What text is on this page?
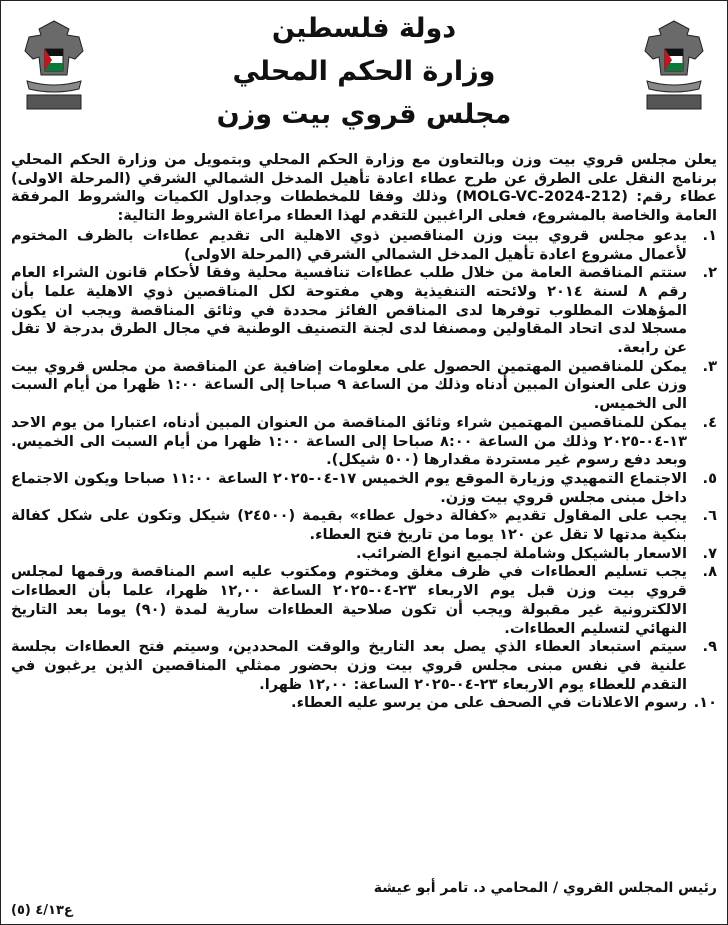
دولة فلسطين
وزارة الحكم المحلي
مجلس قروي بيت وزن

يعلن مجلس قروي بيت وزن وبالتعاون مع وزارة الحكم المحلي وبتمويل من وزارة الحكم المحلي برنامج النقل على الطرق عن طرح عطاء اعادة تأهيل المدخل الشمالي الشرقي (المرحلة الاولى) عطاء رقم: (MOLG-VC-2024-212) وذلك وفقا للمخططات وجداول الكميات والشروط المرفقة العامة والخاصة بالمشروع، فعلى الراغبين للتقدم لهذا العطاء مراعاة الشروط التالية:

١.
يدعو مجلس قروي بيت وزن المناقصين ذوي الاهلية الى تقديم عطاءات بالظرف المختوم لأعمال مشروع اعادة تأهيل المدخل الشمالي الشرقي (المرحلة الاولى)
٢.
ستتم المناقصة العامة من خلال طلب عطاءات تنافسية محلية وفقا لأحكام قانون الشراء العام رقم ٨ لسنة ٢٠١٤ ولائحته التنفيذية وهي مفتوحة لكل المناقصين ذوي الاهلية علما بأن المؤهلات المطلوب توفرها لدى المناقص الفائز محددة في وثائق المناقصة ويجب ان يكون مسجلا لدى اتحاد المقاولين ومصنفا لدى لجنة التصنيف الوطنية في مجال الطرق بدرجة لا تقل عن رابعة.
٣.
يمكن للمناقصين المهتمين الحصول على معلومات إضافية عن المناقصة من مجلس قروي بيت وزن على العنوان المبين أدناه وذلك من الساعة ٩ صباحا إلى الساعة ١:٠٠ ظهرا من أيام السبت الى الخميس.
٤.
يمكن للمناقصين المهتمين شراء وثائق المناقصة من العنوان المبين أدناه، اعتبارا من يوم الاحد ١٣-٠٤-٢٠٢٥ وذلك من الساعة ٨:٠٠ صباحا إلى الساعة ١:٠٠ ظهرا من أيام السبت الى الخميس. وبعد دفع رسوم غير مستردة مقدارها (٥٠٠ شيكل).
٥.
الاجتماع التمهيدي وزيارة الموقع يوم الخميس ١٧-٠٤-٢٠٢٥ الساعة ١١:٠٠ صباحا ويكون الاجتماع داخل مبنى مجلس قروي بيت وزن.
٦.
يجب على المقاول تقديم «كفالة دخول عطاء» بقيمة (٢٤٥٠٠) شيكل وتكون على شكل كفالة بنكية مدتها لا تقل عن ١٢٠ يوما من تاريخ فتح العطاء.
٧.
الاسعار بالشيكل وشاملة لجميع انواع الضرائب.
٨.
يجب تسليم العطاءات في ظرف مغلق ومختوم ومكتوب عليه اسم المناقصة ورقمها لمجلس قروي بيت وزن قبل يوم الاربعاء ٢٣-٠٤-٢٠٢٥ الساعة ١٢,٠٠ ظهرا، علما بأن العطاءات الالكترونية غير مقبولة ويجب أن تكون صلاحية العطاءات سارية لمدة (٩٠) يوما بعد التاريخ النهائي لتسليم العطاءات.
٩.
سيتم استبعاد العطاء الذي يصل بعد التاريخ والوقت المحددين، وسيتم فتح العطاءات بجلسة علنية في نفس مبنى مجلس قروي بيت وزن بحضور ممثلي المناقصين الذين يرغبون في التقدم للعطاء يوم الاربعاء ٢٣-٠٤-٢٠٢٥ الساعة: ١٢,٠٠ ظهرا.
١٠.
رسوم الاعلانات في الصحف على من يرسو عليه العطاء.
رئيس المجلس القروي / المحامي د. تامر أبو عيشة
ع٤/١٣ (٥)
